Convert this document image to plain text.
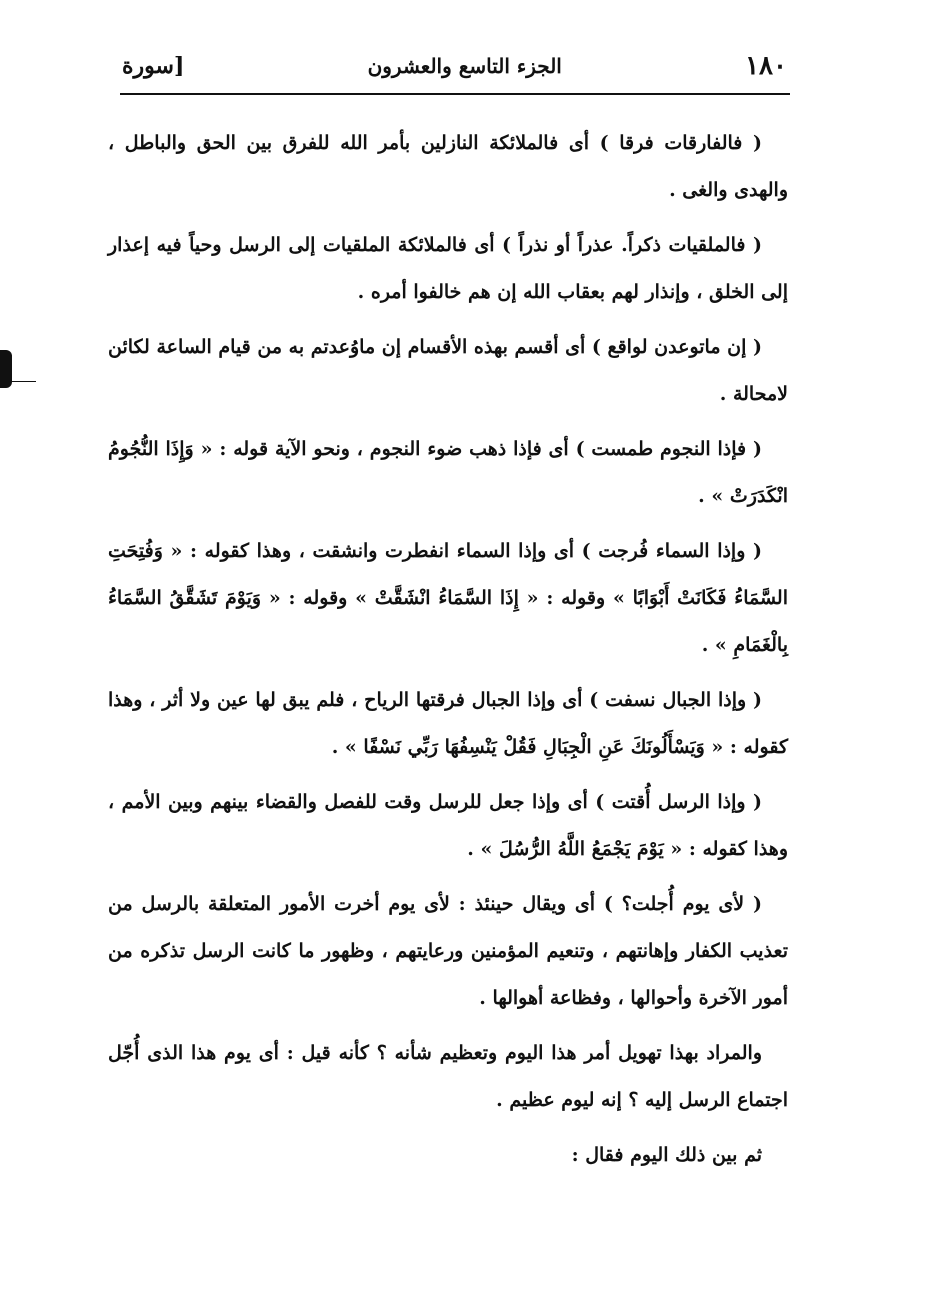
١٨٠
الجزء التاسع والعشرون
[سورة

( فالفارقات فرقا ) أى فالملائكة النازلين بأمر الله للفرق بين الحق والباطل ، والهدى والغى .

( فالملقيات ذكراً. عذراً أو نذراً ) أى فالملائكة الملقيات إلى الرسل وحياً فيه إعذار إلى الخلق ، وإنذار لهم بعقاب الله إن هم خالفوا أمره .

( إن ماتوعدن لواقع ) أى أقسم بهذه الأقسام إن ماوُعدتم به من قيام الساعة لكائن لامحالة .

( فإذا النجوم طمست ) أى فإذا ذهب ضوء النجوم ، ونحو الآية قوله : « وَإِذَا النُّجُومُ انْكَدَرَتْ » .

( وإذا السماء فُرجت ) أى وإذا السماء انفطرت وانشقت ، وهذا كقوله : « وَفُتِحَتِ السَّمَاءُ فَكَانَتْ أَبْوَابًا » وقوله : « إِذَا السَّمَاءُ انْشَقَّتْ » وقوله : « وَيَوْمَ تَشَقَّقُ السَّمَاءُ بِالْغَمَامِ » .

( وإذا الجبال نسفت ) أى وإذا الجبال فرقتها الرياح ، فلم يبق لها عين ولا أثر ، وهذا كقوله : « وَيَسْأَلُونَكَ عَنِ الْجِبَالِ فَقُلْ يَنْسِفُهَا رَبِّي نَسْفًا » .

( وإذا الرسل أُقتت ) أى وإذا جعل للرسل وقت للفصل والقضاء بينهم وبين الأمم ، وهذا كقوله : « يَوْمَ يَجْمَعُ اللَّهُ الرُّسُلَ » .

( لأى يوم أُجلت؟ ) أى ويقال حينئذ : لأى يوم أخرت الأمور المتعلقة بالرسل من تعذيب الكفار وإهانتهم ، وتنعيم المؤمنين ورعايتهم ، وظهور ما كانت الرسل تذكره من أمور الآخرة وأحوالها ، وفظاعة أهوالها .

والمراد بهذا تهويل أمر هذا اليوم وتعظيم شأنه ؟ كأنه قيل : أى يوم هذا الذى أُجّل اجتماع الرسل إليه ؟ إنه ليوم عظيم .

ثم بين ذلك اليوم فقال :
